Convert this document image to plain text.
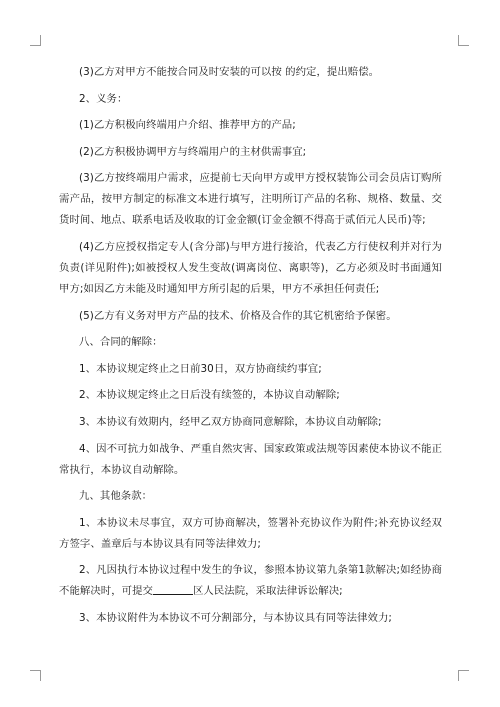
(3)乙方对甲方不能按合同及时安装的可以按 的约定，提出赔偿。

2、义务：

(1)乙方积极向终端用户介绍、推荐甲方的产品;

(2)乙方积极协调甲方与终端用户的主材供需事宜;

(3)乙方按终端用户需求，应提前七天向甲方或甲方授权装饰公司会员店订购所需产品，按甲方制定的标准文本进行填写，注明所订产品的名称、规格、数量、交货时间、地点、联系电话及收取的订金金额(订金金额不得高于贰佰元人民币)等;

(4)乙方应授权指定专人(含分部)与甲方进行接洽，代表乙方行使权利并对行为负责(详见附件);如被授权人发生变故(调离岗位、离职等)，乙方必须及时书面通知甲方;如因乙方未能及时通知甲方所引起的后果，甲方不承担任何责任;

(5)乙方有义务对甲方产品的技术、价格及合作的其它机密给予保密。

八、合同的解除：

1、本协议规定终止之日前30日，双方协商续约事宜;

2、本协议规定终止之日后没有续签的，本协议自动解除;

3、本协议有效期内，经甲乙双方协商同意解除，本协议自动解除;

4、因不可抗力如战争、严重自然灾害、国家政策或法规等因素使本协议不能正常执行，本协议自动解除。

九、其他条款：

1、本协议未尽事宜，双方可协商解决，签署补充协议作为附件;补充协议经双方签字、盖章后与本协议具有同等法律效力;

2、凡因执行本协议过程中发生的争议，参照本协议第九条第1款解决;如经协商不能解决时，可提交	区人民法院，采取法律诉讼解决;

3、本协议附件为本协议不可分割部分，与本协议具有同等法律效力;
